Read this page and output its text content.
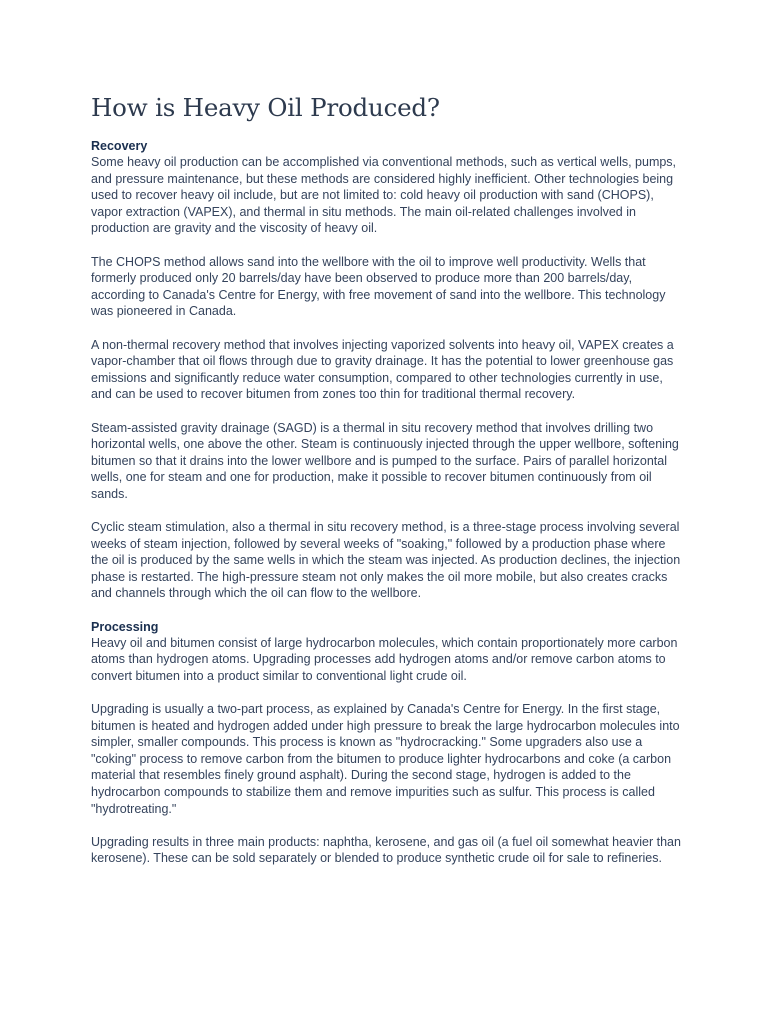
How is Heavy Oil Produced?
Recovery

Some heavy oil production can be accomplished via conventional methods, such as vertical wells, pumps, and pressure maintenance, but these methods are considered highly inefficient. Other technologies being used to recover heavy oil include, but are not limited to: cold heavy oil production with sand (CHOPS), vapor extraction (VAPEX), and thermal in situ methods. The main oil-related challenges involved in production are gravity and the viscosity of heavy oil.

The CHOPS method allows sand into the wellbore with the oil to improve well productivity. Wells that formerly produced only 20 barrels/day have been observed to produce more than 200 barrels/day, according to Canada's Centre for Energy, with free movement of sand into the wellbore. This technology was pioneered in Canada.

A non-thermal recovery method that involves injecting vaporized solvents into heavy oil, VAPEX creates a vapor-chamber that oil flows through due to gravity drainage. It has the potential to lower greenhouse gas emissions and significantly reduce water consumption, compared to other technologies currently in use, and can be used to recover bitumen from zones too thin for traditional thermal recovery.

Steam-assisted gravity drainage (SAGD) is a thermal in situ recovery method that involves drilling two horizontal wells, one above the other. Steam is continuously injected through the upper wellbore, softening bitumen so that it drains into the lower wellbore and is pumped to the surface. Pairs of parallel horizontal wells, one for steam and one for production, make it possible to recover bitumen continuously from oil sands.

Cyclic steam stimulation, also a thermal in situ recovery method, is a three-stage process involving several weeks of steam injection, followed by several weeks of "soaking," followed by a production phase where the oil is produced by the same wells in which the steam was injected. As production declines, the injection phase is restarted. The high-pressure steam not only makes the oil more mobile, but also creates cracks and channels through which the oil can flow to the wellbore.

Processing

Heavy oil and bitumen consist of large hydrocarbon molecules, which contain proportionately more carbon atoms than hydrogen atoms. Upgrading processes add hydrogen atoms and/or remove carbon atoms to convert bitumen into a product similar to conventional light crude oil.

Upgrading is usually a two-part process, as explained by Canada's Centre for Energy. In the first stage, bitumen is heated and hydrogen added under high pressure to break the large hydrocarbon molecules into simpler, smaller compounds. This process is known as "hydrocracking." Some upgraders also use a "coking" process to remove carbon from the bitumen to produce lighter hydrocarbons and coke (a carbon material that resembles finely ground asphalt). During the second stage, hydrogen is added to the hydrocarbon compounds to stabilize them and remove impurities such as sulfur. This process is called "hydrotreating."

Upgrading results in three main products: naphtha, kerosene, and gas oil (a fuel oil somewhat heavier than kerosene). These can be sold separately or blended to produce synthetic crude oil for sale to refineries.
